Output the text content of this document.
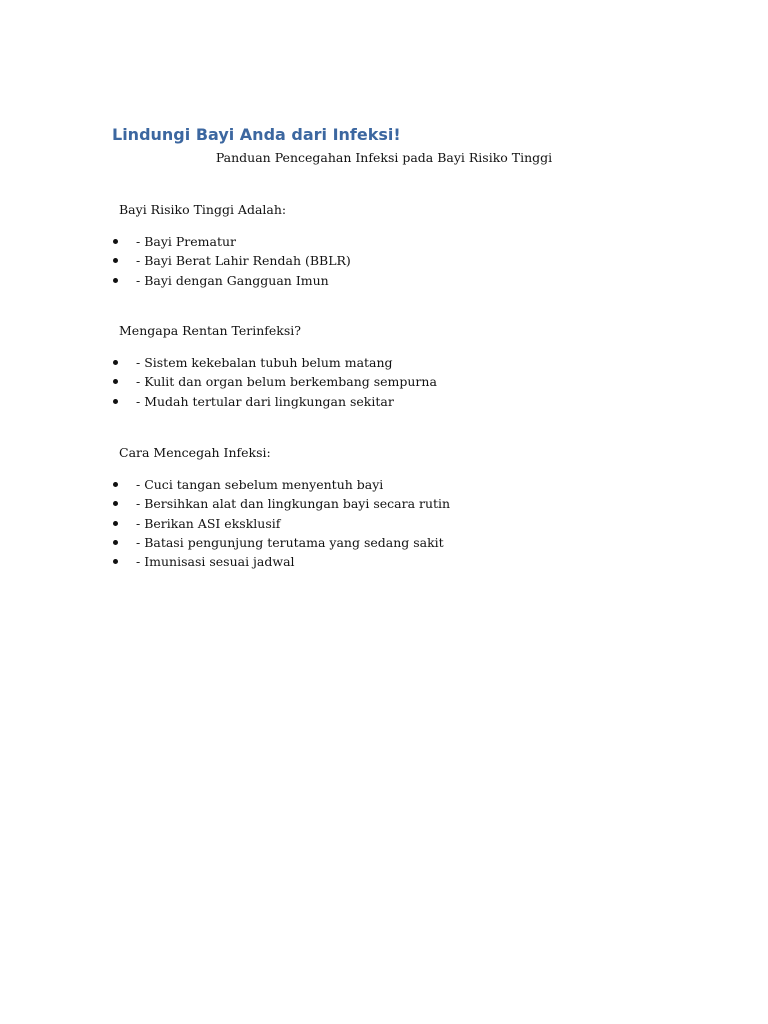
Lindungi Bayi Anda dari Infeksi!

Panduan Pencegahan Infeksi pada Bayi Risiko Tinggi

Bayi Risiko Tinggi Adalah:

- Bayi Prematur
- Bayi Berat Lahir Rendah (BBLR)
- Bayi dengan Gangguan Imun

Mengapa Rentan Terinfeksi?

- Sistem kekebalan tubuh belum matang
- Kulit dan organ belum berkembang sempurna
- Mudah tertular dari lingkungan sekitar

Cara Mencegah Infeksi:

- Cuci tangan sebelum menyentuh bayi
- Bersihkan alat dan lingkungan bayi secara rutin
- Berikan ASI eksklusif
- Batasi pengunjung terutama yang sedang sakit
- Imunisasi sesuai jadwal
